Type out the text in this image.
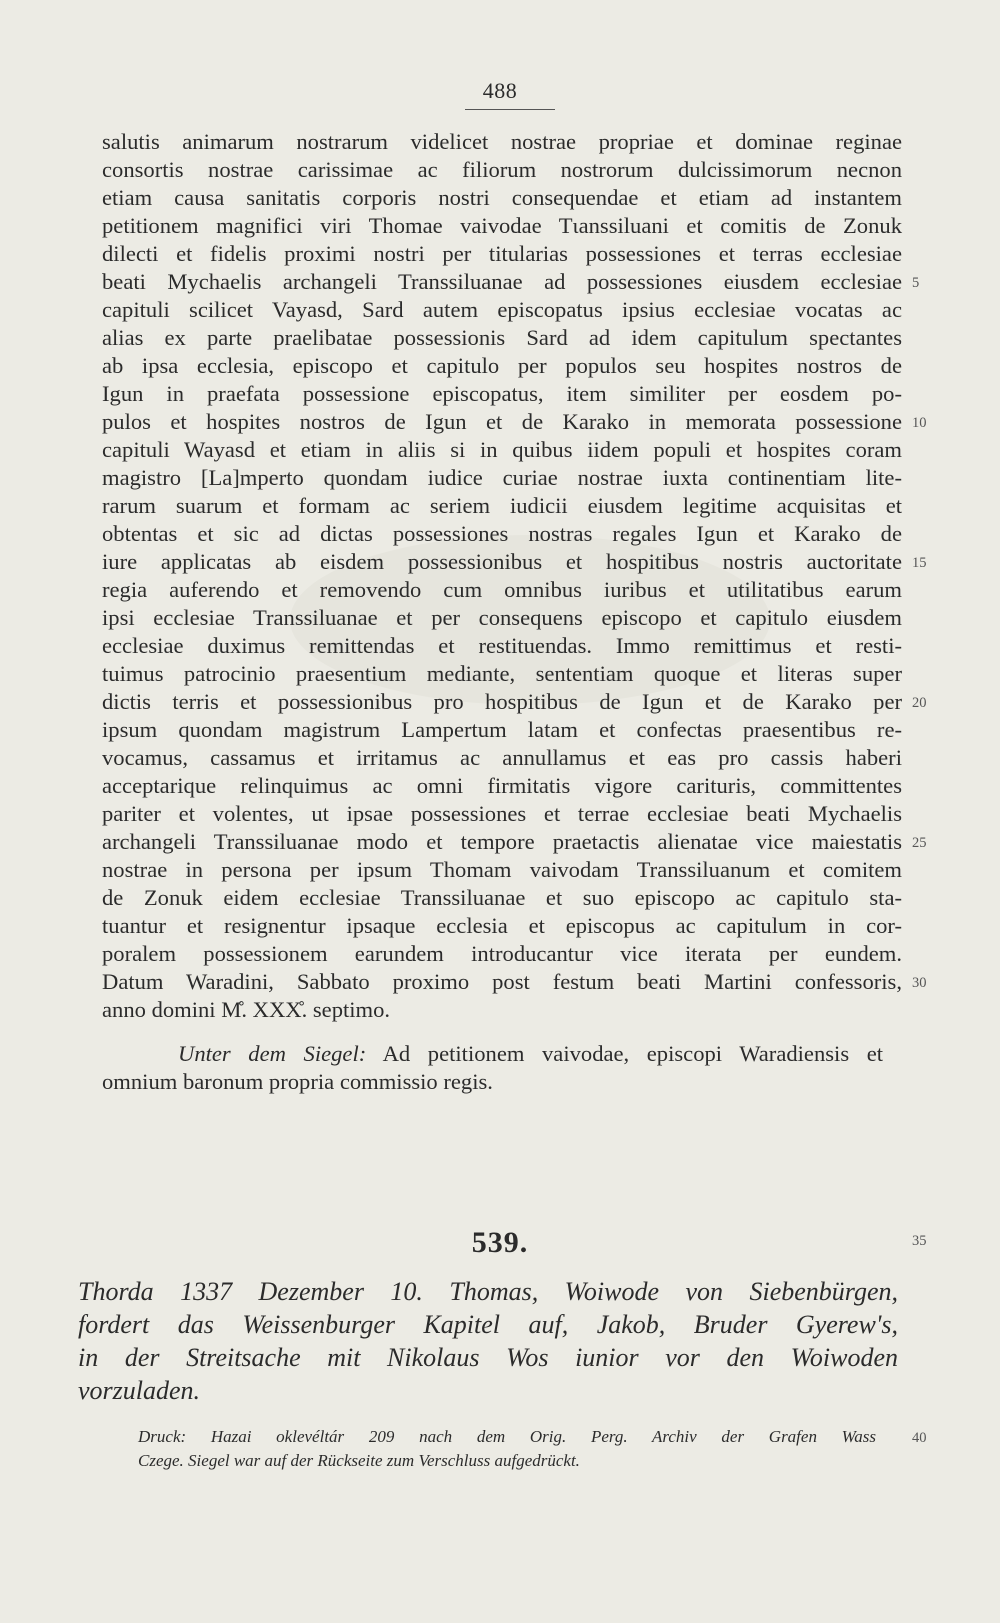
488
salutis animarum nostrarum videlicet nostrae propriae et dominae reginae
consortis nostrae carissimae ac filiorum nostrorum dulcissimorum necnon
etiam causa sanitatis corporis nostri consequendae et etiam ad instantem
petitionem magnifici viri Thomae vaivodae Tιanssiluani et comitis de Zonuk
dilecti et fidelis proximi nostri per titularias possessiones et terras ecclesiae
beati Mychaelis archangeli Transsiluanae ad possessiones eiusdem ecclesiae
capituli scilicet Vayasd, Sard autem episcopatus ipsius ecclesiae vocatas ac
alias ex parte praelibatae possessionis Sard ad idem capitulum spectantes
ab ipsa ecclesia, episcopo et capitulo per populos seu hospites nostros de
Igun in praefata possessione episcopatus, item similiter per eosdem po-
pulos et hospites nostros de Igun et de Karako in memorata possessione
capituli Wayasd et etiam in aliis si in quibus iidem populi et hospites coram
magistro [La]mperto quondam iudice curiae nostrae iuxta continentiam lite-
rarum suarum et formam ac seriem iudicii eiusdem legitime acquisitas et
obtentas et sic ad dictas possessiones nostras regales Igun et Karako de
iure applicatas ab eisdem possessionibus et hospitibus nostris auctoritate
regia auferendo et removendo cum omnibus iuribus et utilitatibus earum
ipsi ecclesiae Transsiluanae et per consequens episcopo et capitulo eiusdem
ecclesiae duximus remittendas et restituendas. Immo remittimus et resti-
tuimus patrocinio praesentium mediante, sententiam quoque et literas super
dictis terris et possessionibus pro hospitibus de Igun et de Karako per
ipsum quondam magistrum Lampertum latam et confectas praesentibus re-
vocamus, cassamus et irritamus ac annullamus et eas pro cassis haberi
acceptarique relinquimus ac omni firmitatis vigore carituris, committentes
pariter et volentes, ut ipsae possessiones et terrae ecclesiae beati Mychaelis
archangeli Transsiluanae modo et tempore praetactis alienatae vice maiestatis
nostrae in persona per ipsum Thomam vaivodam Transsiluanum et comitem
de Zonuk eidem ecclesiae Transsiluanae et suo episcopo ac capitulo sta-
tuantur et resignentur ipsaque ecclesia et episcopus ac capitulum in cor-
poralem possessionem earundem introducantur vice iterata per eundem.
Datum Waradini, Sabbato proximo post festum beati Martini confessoris,
anno domini M̊. XXX̊. septimo.
Unter dem Siegel: Ad petitionem vaivodae, episcopi Waradiensis et
omnium baronum propria commissio regis.
539.
Thorda 1337 Dezember 10. Thomas, Woiwode von Siebenbürgen,
fordert das Weissenburger Kapitel auf, Jakob, Bruder Gyerew's,
in der Streitsache mit Nikolaus Wos iunior vor den Woiwoden
vorzuladen.
Druck: Hazai oklevéltár 209 nach dem Orig. Perg. Archiv der Grafen Wass
Czege. Siegel war auf der Rückseite zum Verschluss aufgedrückt.
5
10
15
20
25
30
35
40
